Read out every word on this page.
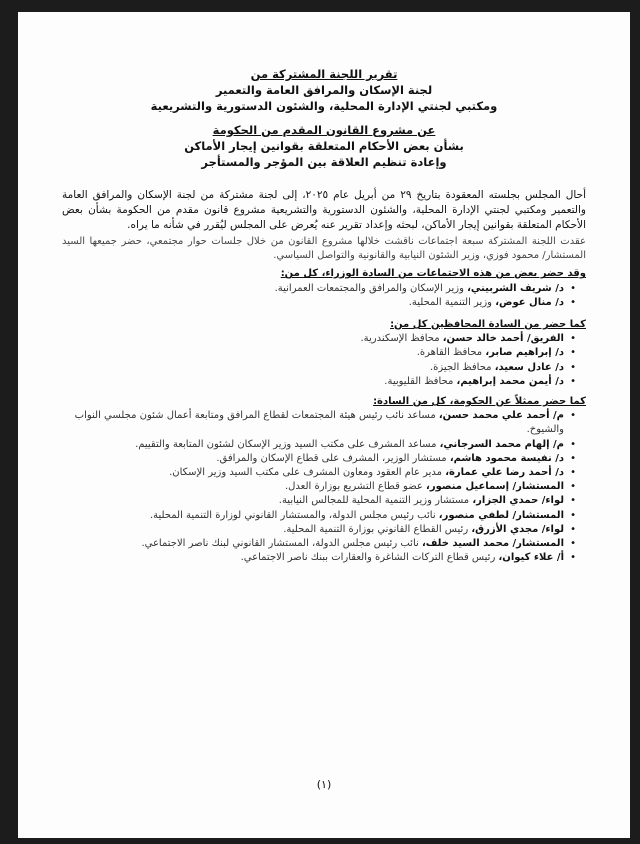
تقرير اللجنة المشتركة من
لجنة الإسكان والمرافق العامة والتعمير
ومكتبي لجنتي الإدارة المحلية، والشئون الدستورية والتشريعية
عن مشروع القانون المقدم من الحكومة
بشأن بعض الأحكام المتعلقة بقوانين إيجار الأماكن
وإعادة تنظيم العلاقة بين المؤجر والمستأجر

أحال المجلس بجلسته المعقودة بتاريخ ٢٩ من أبريل عام ٢٠٢٥، إلى لجنة مشتركة من لجنة الإسكان والمرافق العامة والتعمير ومكتبي لجنتي الإدارة المحلية، والشئون الدستورية والتشريعية مشروع قانون مقدم من الحكومة بشأن بعض الأحكام المتعلقة بقوانين إيجار الأماكن، لبحثه وإعداد تقرير عنه يُعرض على المجلس ليُقرر في شأنه ما يراه.

عقدت اللجنة المشتركة سبعة اجتماعات ناقشت خلالها مشروع القانون من خلال جلسات حوار مجتمعي، حضر جميعها السيد المستشار/ محمود فوزي، وزير الشئون النيابية والقانونية والتواصل السياسي.

وقد حضر بعض من هذه الاجتماعات من السادة الوزراء، كل من:
• د/ شريف الشربيني، وزير الإسكان والمرافق والمجتمعات العمرانية.
• د/ منال عوض، وزير التنمية المحلية.
كما حضر من السادة المحافظين كل من:
• الفريق/ أحمد خالد حسن، محافظ الإسكندرية.
• د/ إبراهيم صابر، محافظ القاهرة.
• د/ عادل سعيد، محافظ الجيزة.
• د/ أيمن محمد إبراهيم، محافظ القليوبية.
كما حضر ممثلاً عن الحكومة، كل من السادة:
• م/ أحمد علي محمد حسن، مساعد نائب رئيس هيئة المجتمعات لقطاع المرافق ومتابعة أعمال شئون مجلسي النواب والشيوخ.
• م/ إلهام محمد السرجاني، مساعد المشرف على مكتب السيد وزير الإسكان لشئون المتابعة والتقييم.
• د/ نفيسة محمود هاشم، مستشار الوزير، المشرف على قطاع الإسكان والمرافق.
• د/ أحمد رضا علي عمارة، مدير عام العقود ومعاون المشرف على مكتب السيد وزير الإسكان.
• المستشار/ إسماعيل منصور، عضو قطاع التشريع بوزارة العدل.
• لواء/ حمدي الجزار، مستشار وزير التنمية المحلية للمجالس النيابية.
• المستشار/ لطفي منصور، نائب رئيس مجلس الدولة، والمستشار القانوني لوزارة التنمية المحلية.
• لواء/ مجدي الأزرق، رئيس القطاع القانوني بوزارة التنمية المحلية.
• المستشار/ محمد السيد خلف، نائب رئيس مجلس الدولة، المستشار القانوني لبنك ناصر الاجتماعي.
• أ/ علاء كيوان، رئيس قطاع التركات الشاغرة والعقارات ببنك ناصر الاجتماعي.
(١)
